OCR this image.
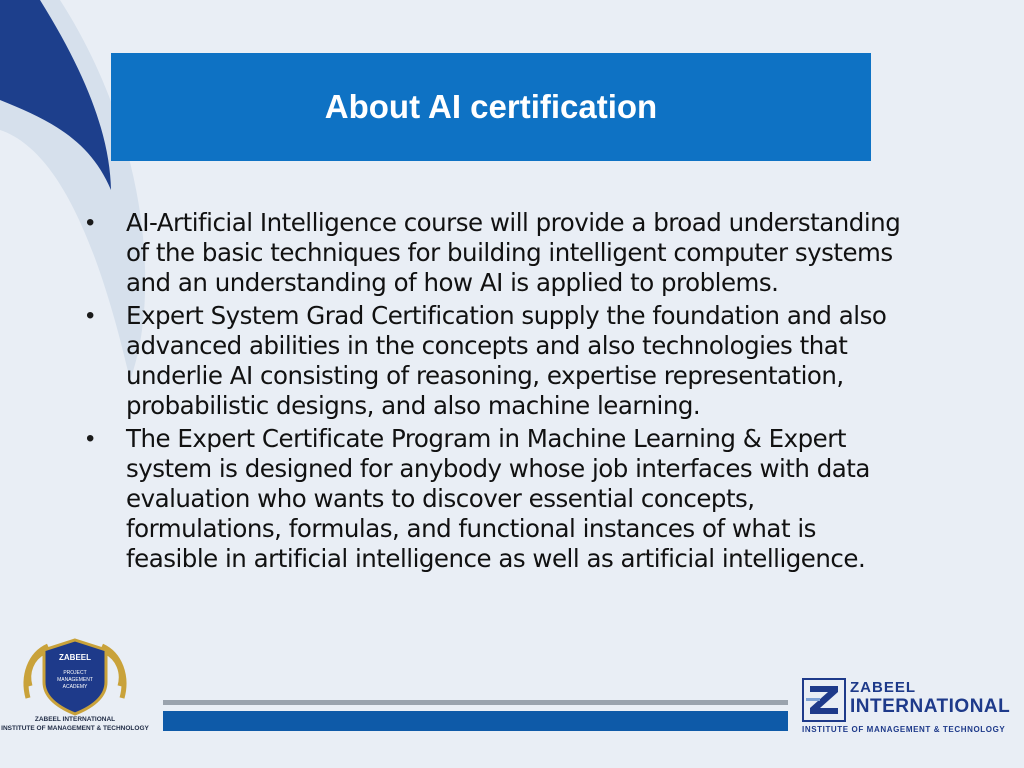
About AI certification
•	AI-Artificial Intelligence course will provide a broad understanding of the basic techniques for building intelligent computer systems and an understanding of how AI is applied to problems.
•	Expert System Grad Certification supply the foundation and also advanced abilities in the concepts and also technologies that underlie AI consisting of reasoning, expertise representation, probabilistic designs, and also machine learning.
•	The Expert Certificate Program in Machine Learning & Expert system is designed for anybody whose job interfaces with data evaluation who wants to discover essential concepts, formulations, formulas, and functional instances of what is feasible in artificial intelligence as well as artificial intelligence.
ZABEEL
PROJECT
MANAGEMENT
ACADEMY
ZABEEL INTERNATIONAL
INSTITUTE OF MANAGEMENT & TECHNOLOGY
ZABEEL
INTERNATIONAL
INSTITUTE OF MANAGEMENT & TECHNOLOGY
